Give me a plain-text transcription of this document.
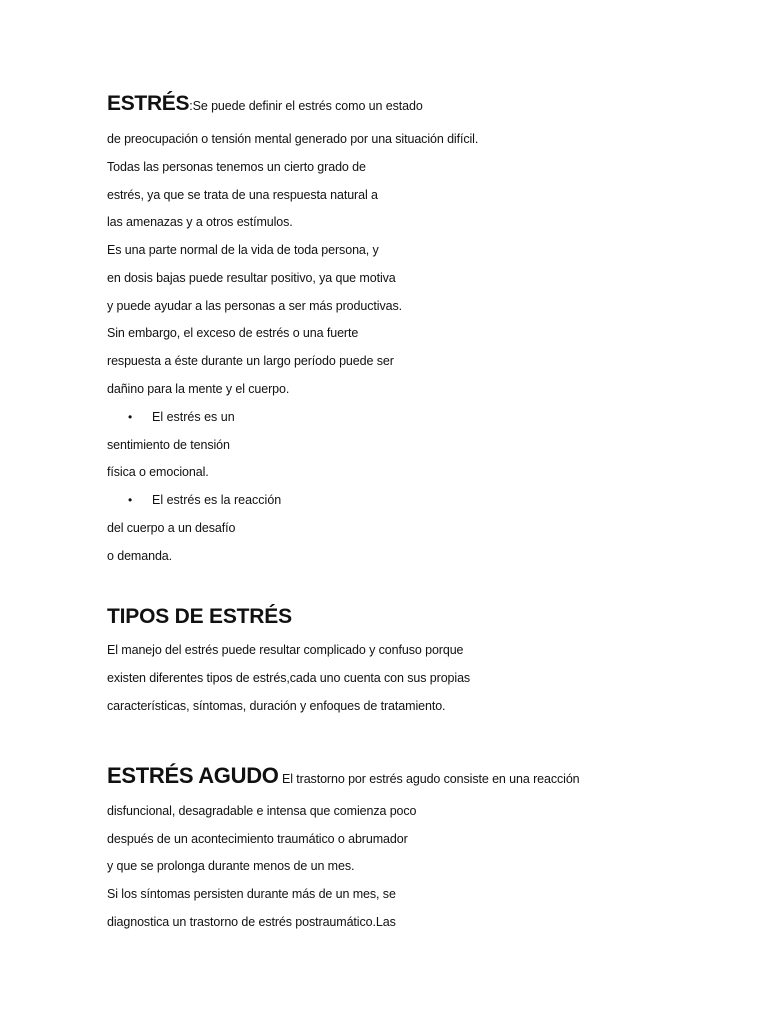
ESTRÉS:Se puede definir el estrés como un estado
de preocupación o tensión mental generado por una situación difícil.
Todas las personas tenemos un cierto grado de
estrés, ya que se trata de una respuesta natural a
las amenazas y a otros estímulos.
Es una parte normal de la vida de toda persona, y
en dosis bajas puede resultar positivo, ya que motiva
y puede ayudar a las personas a ser más productivas.
Sin embargo, el exceso de estrés o una fuerte
respuesta a éste durante un largo período puede ser
dañino para la mente y el cuerpo.
• El estrés es un
sentimiento de tensión
física o emocional.
• El estrés es la reacción
del cuerpo a un desafío
o demanda.
TIPOS DE ESTRÉS
El manejo del estrés puede resultar complicado y confuso porque
existen diferentes tipos de estrés,cada uno cuenta con sus propias
características, síntomas, duración y enfoques de tratamiento.
ESTRÉS AGUDO El trastorno por estrés agudo consiste en una reacción
disfuncional, desagradable e intensa que comienza poco
después de un acontecimiento traumático o abrumador
y que se prolonga durante menos de un mes.
Si los síntomas persisten durante más de un mes, se
diagnostica un trastorno de estrés postraumático.Las
